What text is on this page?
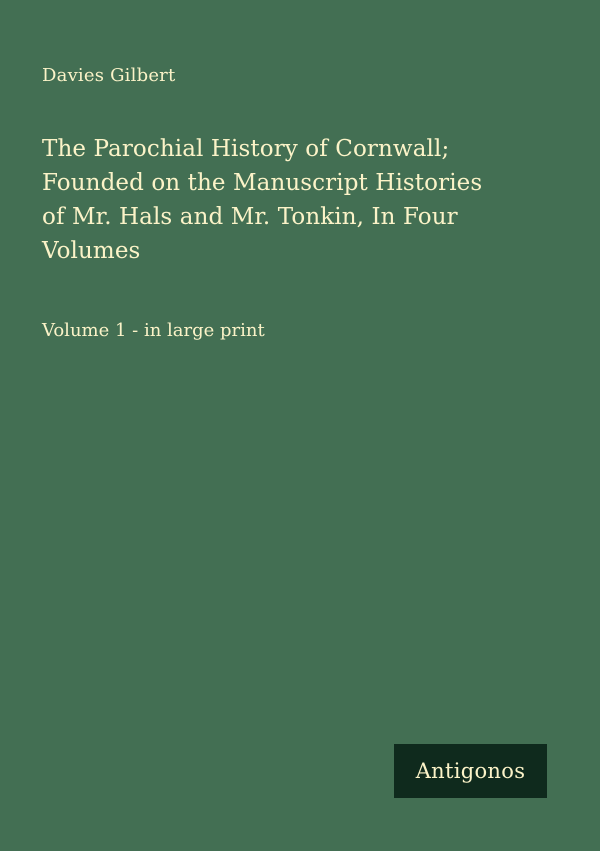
Davies Gilbert
The Parochial History of Cornwall;
Founded on the Manuscript Histories
of Mr. Hals and Mr. Tonkin, In Four
Volumes
Volume 1 - in large print
Antigonos
